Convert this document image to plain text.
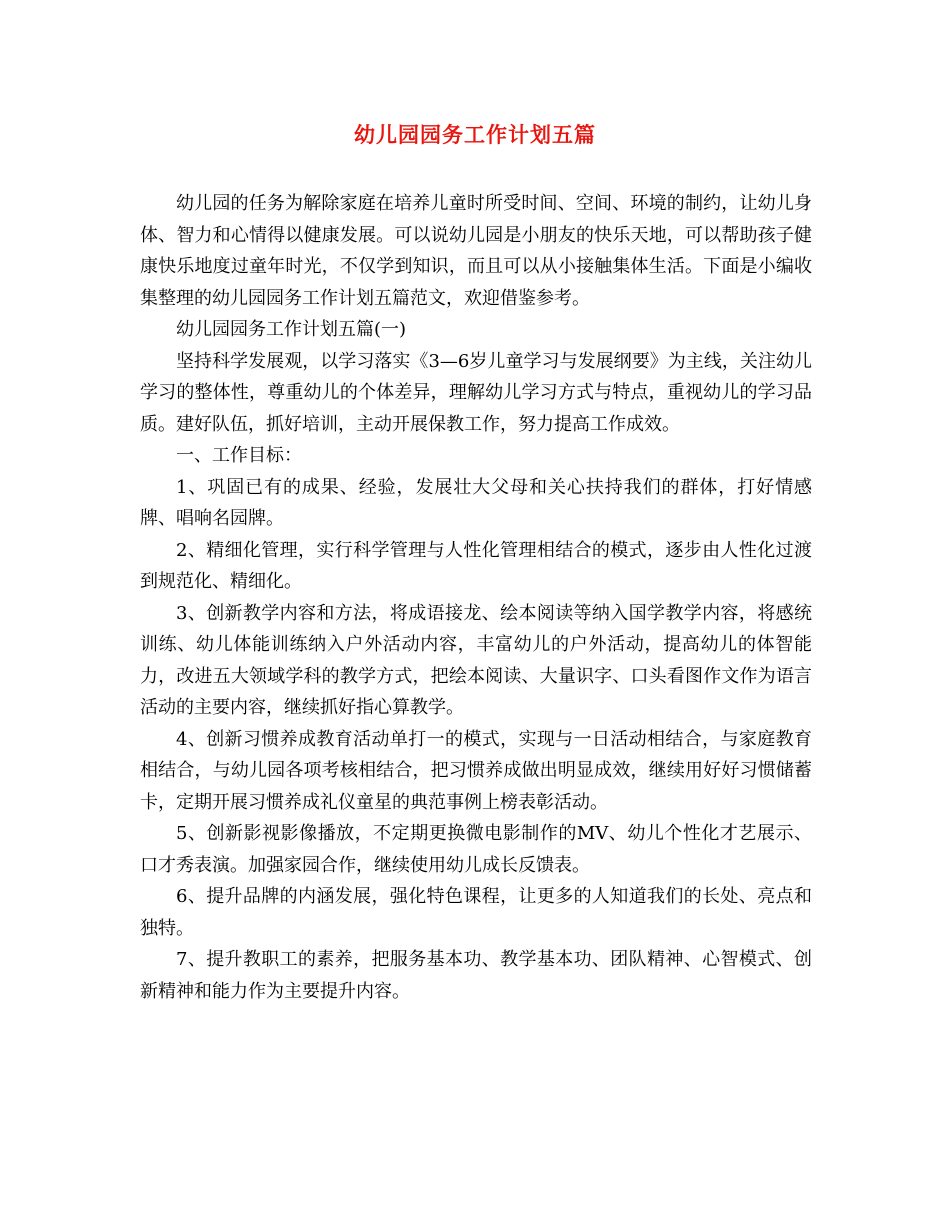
幼儿园园务工作计划五篇

幼儿园的任务为解除家庭在培养儿童时所受时间、空间、环境的制约，让幼儿身体、智力和心情得以健康发展。可以说幼儿园是小朋友的快乐天地，可以帮助孩子健康快乐地度过童年时光，不仅学到知识，而且可以从小接触集体生活。下面是小编收集整理的幼儿园园务工作计划五篇范文，欢迎借鉴参考。

幼儿园园务工作计划五篇(一)

坚持科学发展观，以学习落实《3—6岁儿童学习与发展纲要》为主线，关注幼儿学习的整体性，尊重幼儿的个体差异，理解幼儿学习方式与特点，重视幼儿的学习品质。建好队伍，抓好培训，主动开展保教工作，努力提高工作成效。

一、工作目标：

1、巩固已有的成果、经验，发展壮大父母和关心扶持我们的群体，打好情感牌、唱响名园牌。

2、精细化管理，实行科学管理与人性化管理相结合的模式，逐步由人性化过渡到规范化、精细化。

3、创新教学内容和方法，将成语接龙、绘本阅读等纳入国学教学内容，将感统训练、幼儿体能训练纳入户外活动内容，丰富幼儿的户外活动，提高幼儿的体智能力，改进五大领域学科的教学方式，把绘本阅读、大量识字、口头看图作文作为语言活动的主要内容，继续抓好指心算教学。

4、创新习惯养成教育活动单打一的模式，实现与一日活动相结合，与家庭教育相结合，与幼儿园各项考核相结合，把习惯养成做出明显成效，继续用好好习惯储蓄卡，定期开展习惯养成礼仪童星的典范事例上榜表彰活动。

5、创新影视影像播放，不定期更换微电影制作的MV、幼儿个性化才艺展示、口才秀表演。加强家园合作，继续使用幼儿成长反馈表。

6、提升品牌的内涵发展，强化特色课程，让更多的人知道我们的长处、亮点和独特。

7、提升教职工的素养，把服务基本功、教学基本功、团队精神、心智模式、创新精神和能力作为主要提升内容。
